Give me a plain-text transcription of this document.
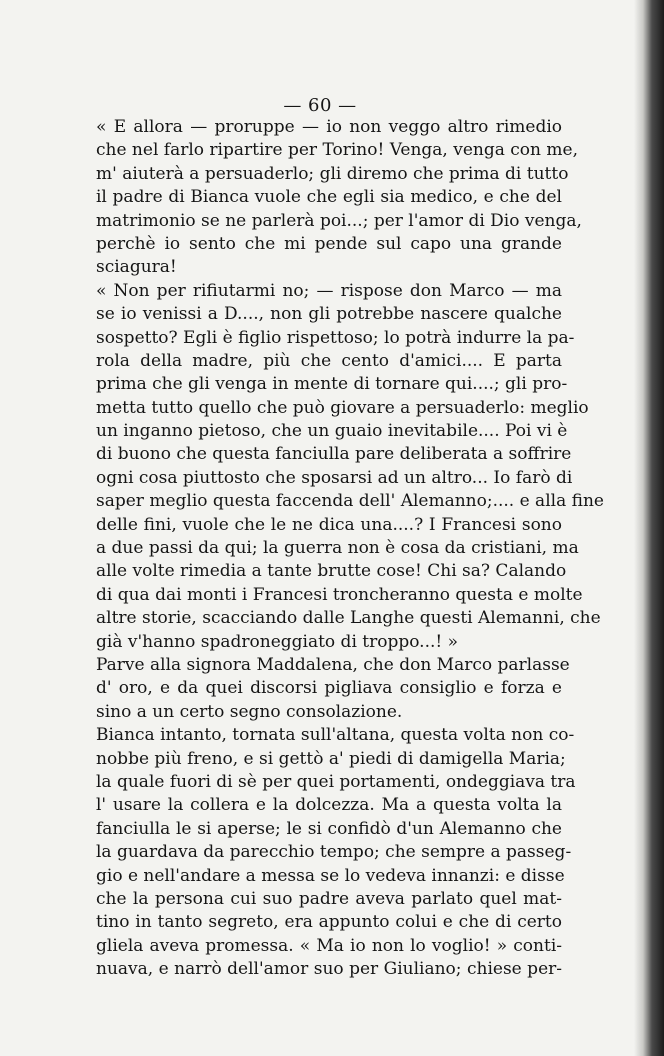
— 60 —
« E allora — proruppe — io non veggo altro rimedio
che nel farlo ripartire per Torino! Venga, venga con me,
m' aiuterà a persuaderlo; gli diremo che prima di tutto
il padre di Bianca vuole che egli sia medico, e che del
matrimonio se ne parlerà poi...; per l'amor di Dio venga,
perchè io sento che mi pende sul capo una grande
sciagura!
« Non per rifiutarmi no; — rispose don Marco — ma
se io venissi a D...., non gli potrebbe nascere qualche
sospetto? Egli è figlio rispettoso; lo potrà indurre la pa-
rola della madre, più che cento d'amici.... E parta
prima che gli venga in mente di tornare qui....; gli pro-
metta tutto quello che può giovare a persuaderlo: meglio
un inganno pietoso, che un guaio inevitabile.... Poi vi è
di buono che questa fanciulla pare deliberata a soffrire
ogni cosa piuttosto che sposarsi ad un altro... Io farò di
saper meglio questa faccenda dell' Alemanno;.... e alla fine
delle fini, vuole che le ne dica una....? I Francesi sono
a due passi da qui; la guerra non è cosa da cristiani, ma
alle volte rimedia a tante brutte cose! Chi sa? Calando
di qua dai monti i Francesi troncheranno questa e molte
altre storie, scacciando dalle Langhe questi Alemanni, che
già v'hanno spadroneggiato di troppo...! »
Parve alla signora Maddalena, che don Marco parlasse
d' oro, e da quei discorsi pigliava consiglio e forza e
sino a un certo segno consolazione.
Bianca intanto, tornata sull'altana, questa volta non co-
nobbe più freno, e si gettò a' piedi di damigella Maria;
la quale fuori di sè per quei portamenti, ondeggiava tra
l' usare la collera e la dolcezza. Ma a questa volta la
fanciulla le si aperse; le si confidò d'un Alemanno che
la guardava da parecchio tempo; che sempre a passeg-
gio e nell'andare a messa se lo vedeva innanzi: e disse
che la persona cui suo padre aveva parlato quel mat-
tino in tanto segreto, era appunto colui e che di certo
gliela aveva promessa. « Ma io non lo voglio! » conti-
nuava, e narrò dell'amor suo per Giuliano; chiese per-
